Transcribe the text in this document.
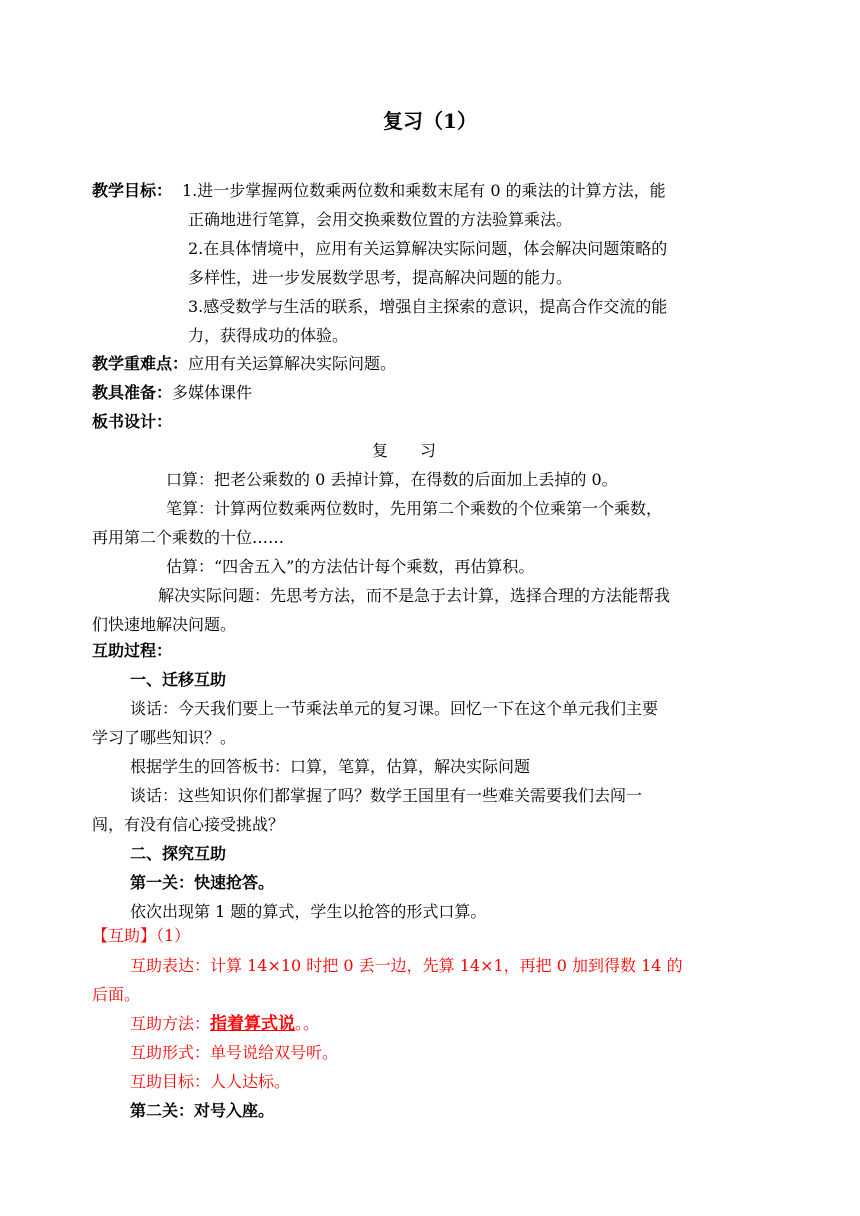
复习（1）
教学目标： 1.进一步掌握两位数乘两位数和乘数末尾有 0 的乘法的计算方法，能
正确地进行笔算，会用交换乘数位置的方法验算乘法。
2.在具体情境中，应用有关运算解决实际问题，体会解决问题策略的
多样性，进一步发展数学思考，提高解决问题的能力。
3.感受数学与生活的联系，增强自主探索的意识，提高合作交流的能
力，获得成功的体验。
教学重难点：应用有关运算解决实际问题。
教具准备：多媒体课件
板书设计：
复　　习
口算：把老公乘数的 0 丢掉计算，在得数的后面加上丢掉的 0。
笔算：计算两位数乘两位数时，先用第二个乘数的个位乘第一个乘数，
再用第二个乘数的十位……
估算：“四舍五入”的方法估计每个乘数，再估算积。
解决实际问题：先思考方法，而不是急于去计算，选择合理的方法能帮我
们快速地解决问题。
互助过程：
一、迁移互助
谈话：今天我们要上一节乘法单元的复习课。回忆一下在这个单元我们主要
学习了哪些知识？。
根据学生的回答板书：口算，笔算，估算，解决实际问题
谈话：这些知识你们都掌握了吗？数学王国里有一些难关需要我们去闯一
闯，有没有信心接受挑战？
二、探究互助
第一关：快速抢答。
依次出现第 1 题的算式，学生以抢答的形式口算。
【互助】（1）
互助表达：计算 14×10 时把 0 丢一边，先算 14×1，再把 0 加到得数 14 的
后面。
互助方法：指着算式说。。
互助形式：单号说给双号听。
互助目标：人人达标。
第二关：对号入座。
